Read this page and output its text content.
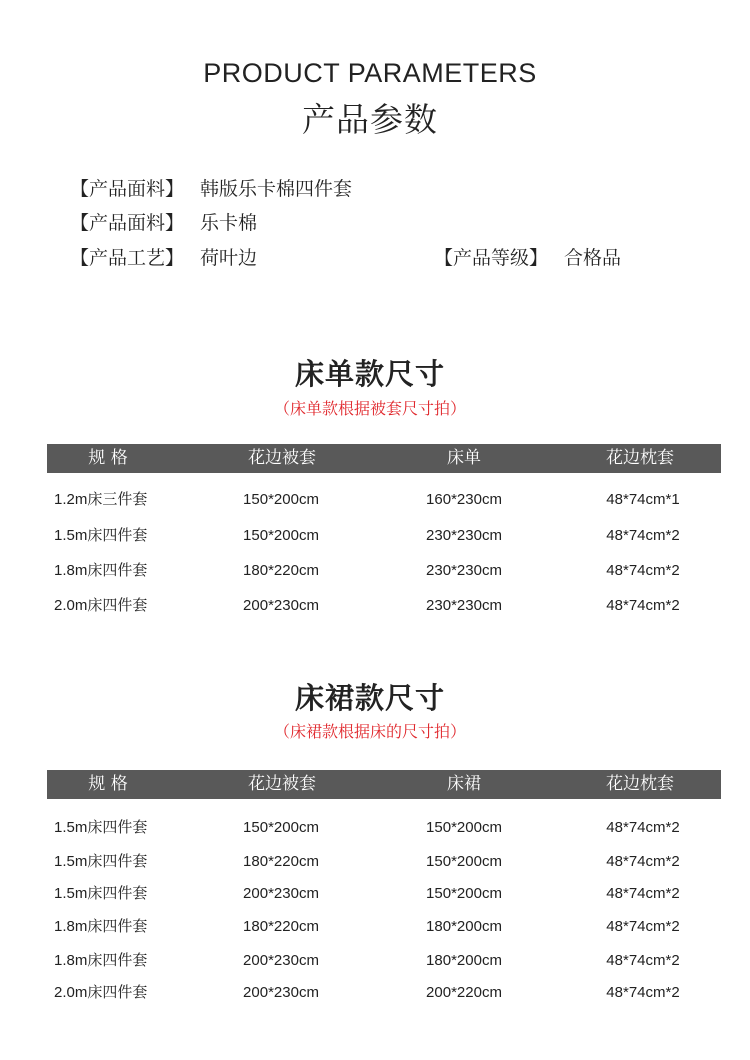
PRODUCT PARAMETERS
产品参数
【产品面料】 韩版乐卡棉四件套
【产品面料】 乐卡棉
【产品工艺】 荷叶边	【产品等级】 合格品
床单款尺寸
（床单款根据被套尺寸拍）
规 格	花边被套	床单	花边枕套
1.2m床三件套	150*200cm	160*230cm	48*74cm*1
1.5m床四件套	150*200cm	230*230cm	48*74cm*2
1.8m床四件套	180*220cm	230*230cm	48*74cm*2
2.0m床四件套	200*230cm	230*230cm	48*74cm*2
床裙款尺寸
（床裙款根据床的尺寸拍）
规 格	花边被套	床裙	花边枕套
1.5m床四件套	150*200cm	150*200cm	48*74cm*2
1.5m床四件套	180*220cm	150*200cm	48*74cm*2
1.5m床四件套	200*230cm	150*200cm	48*74cm*2
1.8m床四件套	180*220cm	180*200cm	48*74cm*2
1.8m床四件套	200*230cm	180*200cm	48*74cm*2
2.0m床四件套	200*230cm	200*220cm	48*74cm*2
